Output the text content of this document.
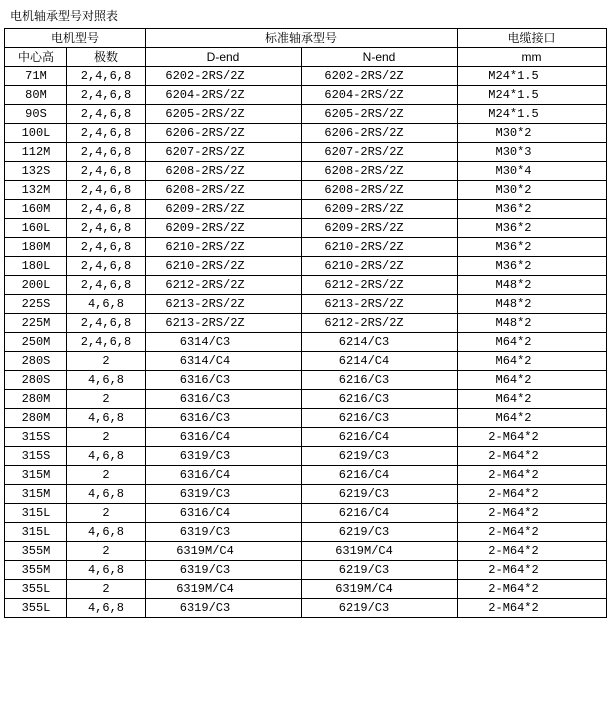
电机轴承型号对照表
电机型号		标准轴承型号		电缆接口
中心高	极数	D-end	N-end	mm
71M	2,4,6,8	6202-2RS/2Z	6202-2RS/2Z	M24*1.5

80M	2,4,6,8	6204-2RS/2Z	6204-2RS/2Z	M24*1.5

90S	2,4,6,8	6205-2RS/2Z	6205-2RS/2Z	M24*1.5

100L	2,4,6,8	6206-2RS/2Z	6206-2RS/2Z	M30*2

112M	2,4,6,8	6207-2RS/2Z	6207-2RS/2Z	M30*3

132S	2,4,6,8	6208-2RS/2Z	6208-2RS/2Z	M30*4

132M	2,4,6,8	6208-2RS/2Z	6208-2RS/2Z	M30*2

160M	2,4,6,8	6209-2RS/2Z	6209-2RS/2Z	M36*2

160L	2,4,6,8	6209-2RS/2Z	6209-2RS/2Z	M36*2

180M	2,4,6,8	6210-2RS/2Z	6210-2RS/2Z	M36*2

180L	2,4,6,8	6210-2RS/2Z	6210-2RS/2Z	M36*2

200L	2,4,6,8	6212-2RS/2Z	6212-2RS/2Z	M48*2

225S	4,6,8	6213-2RS/2Z	6213-2RS/2Z	M48*2

225M	2,4,6,8	6213-2RS/2Z	6212-2RS/2Z	M48*2

250M	2,4,6,8	6314/C3	6214/C3	M64*2

280S	2	6314/C4	6214/C4	M64*2

280S	4,6,8	6316/C3	6216/C3	M64*2

280M	2	6316/C3	6216/C3	M64*2

280M	4,6,8	6316/C3	6216/C3	M64*2

315S	2	6316/C4	6216/C4	2-M64*2

315S	4,6,8	6319/C3	6219/C3	2-M64*2

315M	2	6316/C4	6216/C4	2-M64*2

315M	4,6,8	6319/C3	6219/C3	2-M64*2

315L	2	6316/C4	6216/C4	2-M64*2

315L	4,6,8	6319/C3	6219/C3	2-M64*2

355M	2	6319M/C4	6319M/C4	2-M64*2

355M	4,6,8	6319/C3	6219/C3	2-M64*2

355L	2	6319M/C4	6319M/C4	2-M64*2

355L	4,6,8	6319/C3	6219/C3	2-M64*2
